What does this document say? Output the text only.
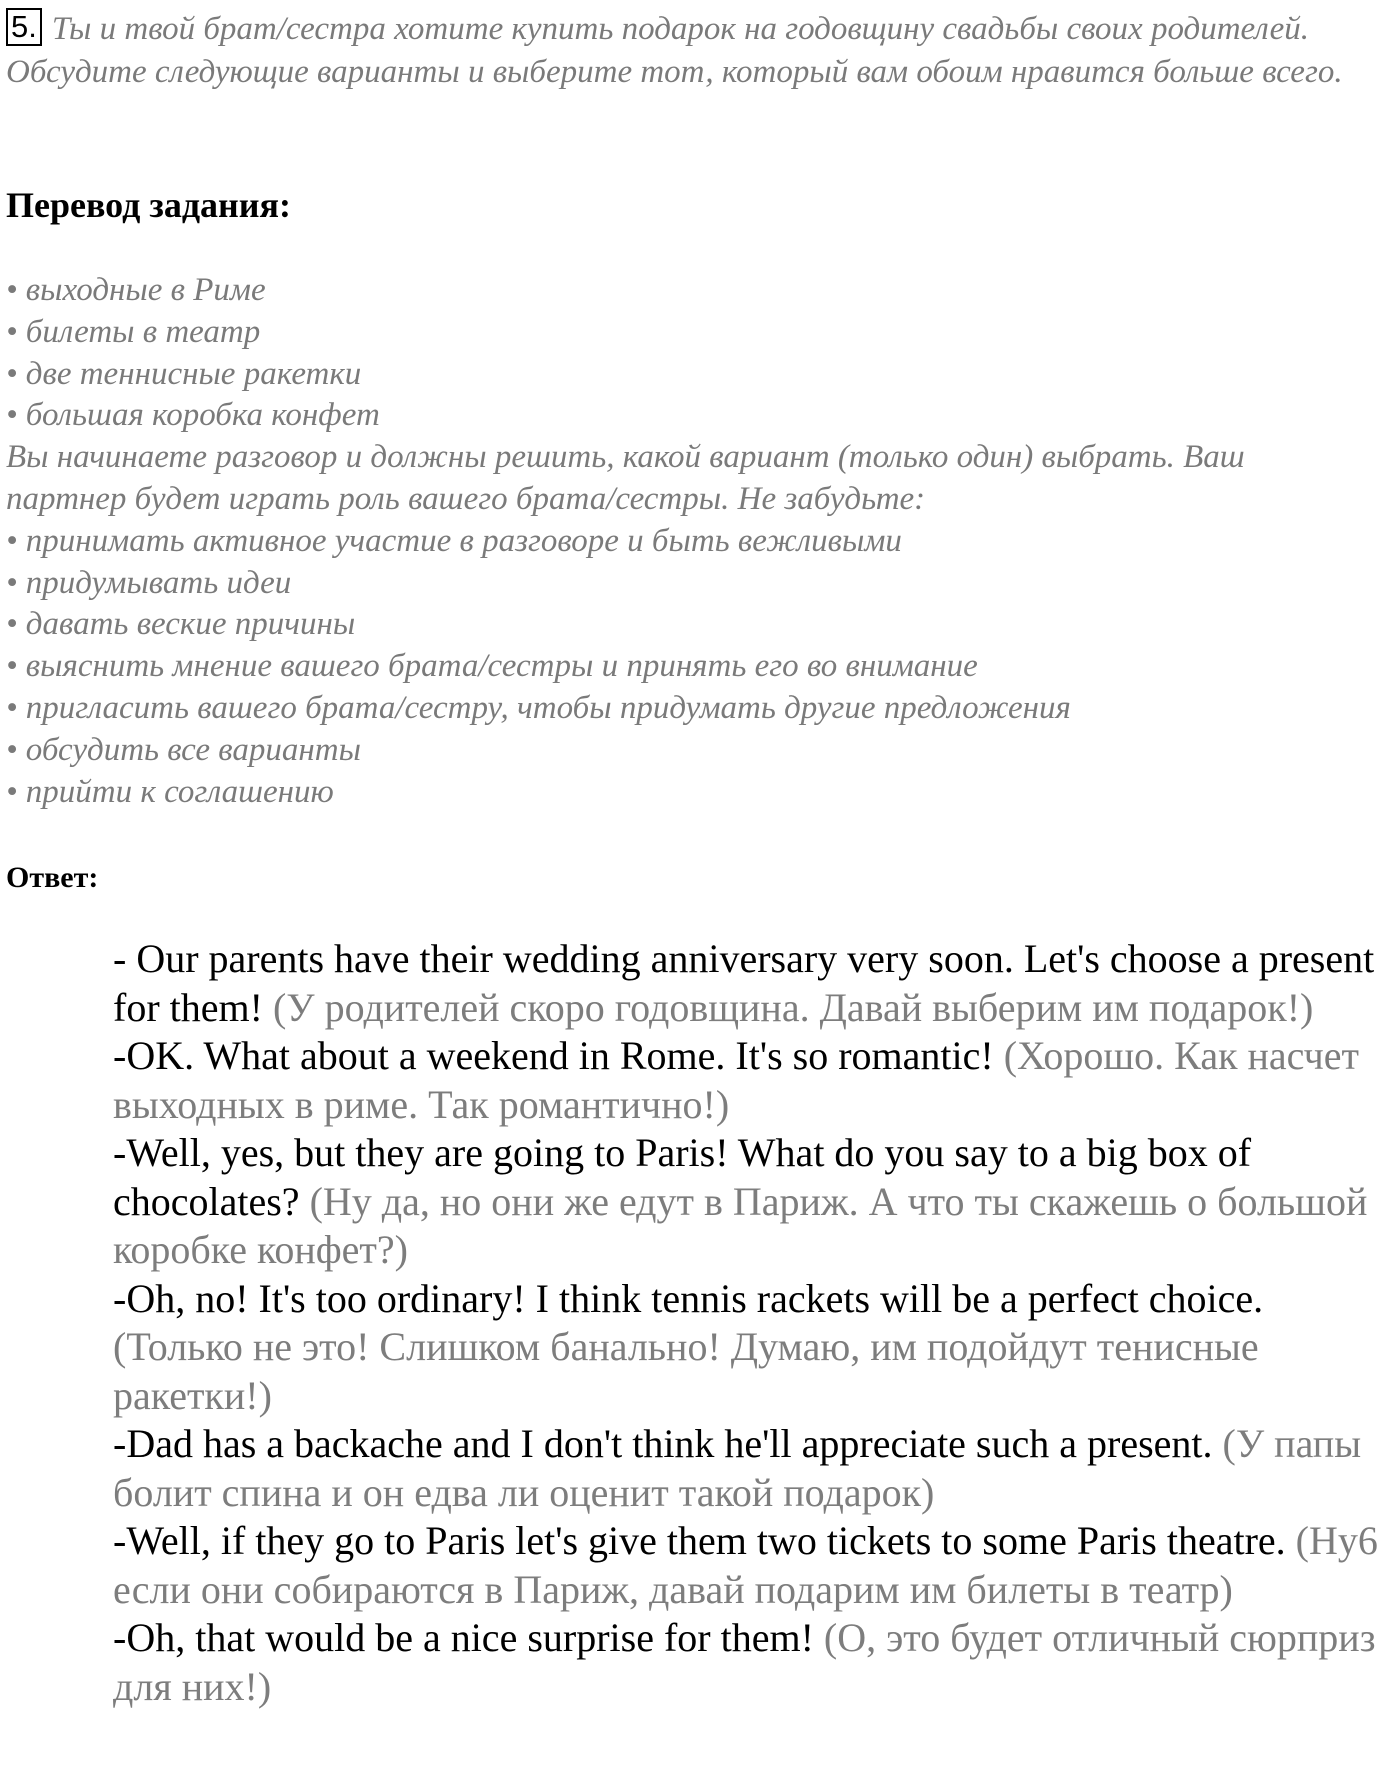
5. Ты и твой брат/сестра хотите купить подарок на годовщину свадьбы своих родителей. Обсудите следующие варианты и выберите тот, который вам обоим нравится больше всего.
Перевод задания:
• выходные в Риме
• билеты в театр
• две теннисные ракетки
• большая коробка конфет
Вы начинаете разговор и должны решить, какой вариант (только один) выбрать. Ваш
партнер будет играть роль вашего брата/сестры. Не забудьте:
• принимать активное участие в разговоре и быть вежливыми
• придумывать идеи
• давать веские причины
• выяснить мнение вашего брата/сестры и принять его во внимание
• пригласить вашего брата/сестру, чтобы придумать другие предложения
• обсудить все варианты
• прийти к соглашению
Ответ:

- Our parents have their wedding anniversary very soon. Let's choose a present for them! (У родителей скоро годовщина. Давай выберим им подарок!)

-OK. What about a weekend in Rome. It's so romantic! (Хорошо. Как насчет выходных в риме. Так романтично!)

-Well, yes, but they are going to Paris! What do you say to a big box of chocolates? (Ну да, но они же едут в Париж. А что ты скажешь о большой коробке конфет?)

-Oh, no! It's too ordinary! I think tennis rackets will be a perfect choice. (Только не это! Слишком банально! Думаю, им подойдут тенисные ракетки!)

-Dad has a backache and I don't think he'll appreciate such a present. (У папы болит спина и он едва ли оценит такой подарок)

-Well, if they go to Paris let's give them two tickets to some Paris theatre. (Ну6 если они собираются в Париж, давай подарим им билеты в театр)

-Oh, that would be a nice surprise for them! (О, это будет отличный сюрприз для них!)
